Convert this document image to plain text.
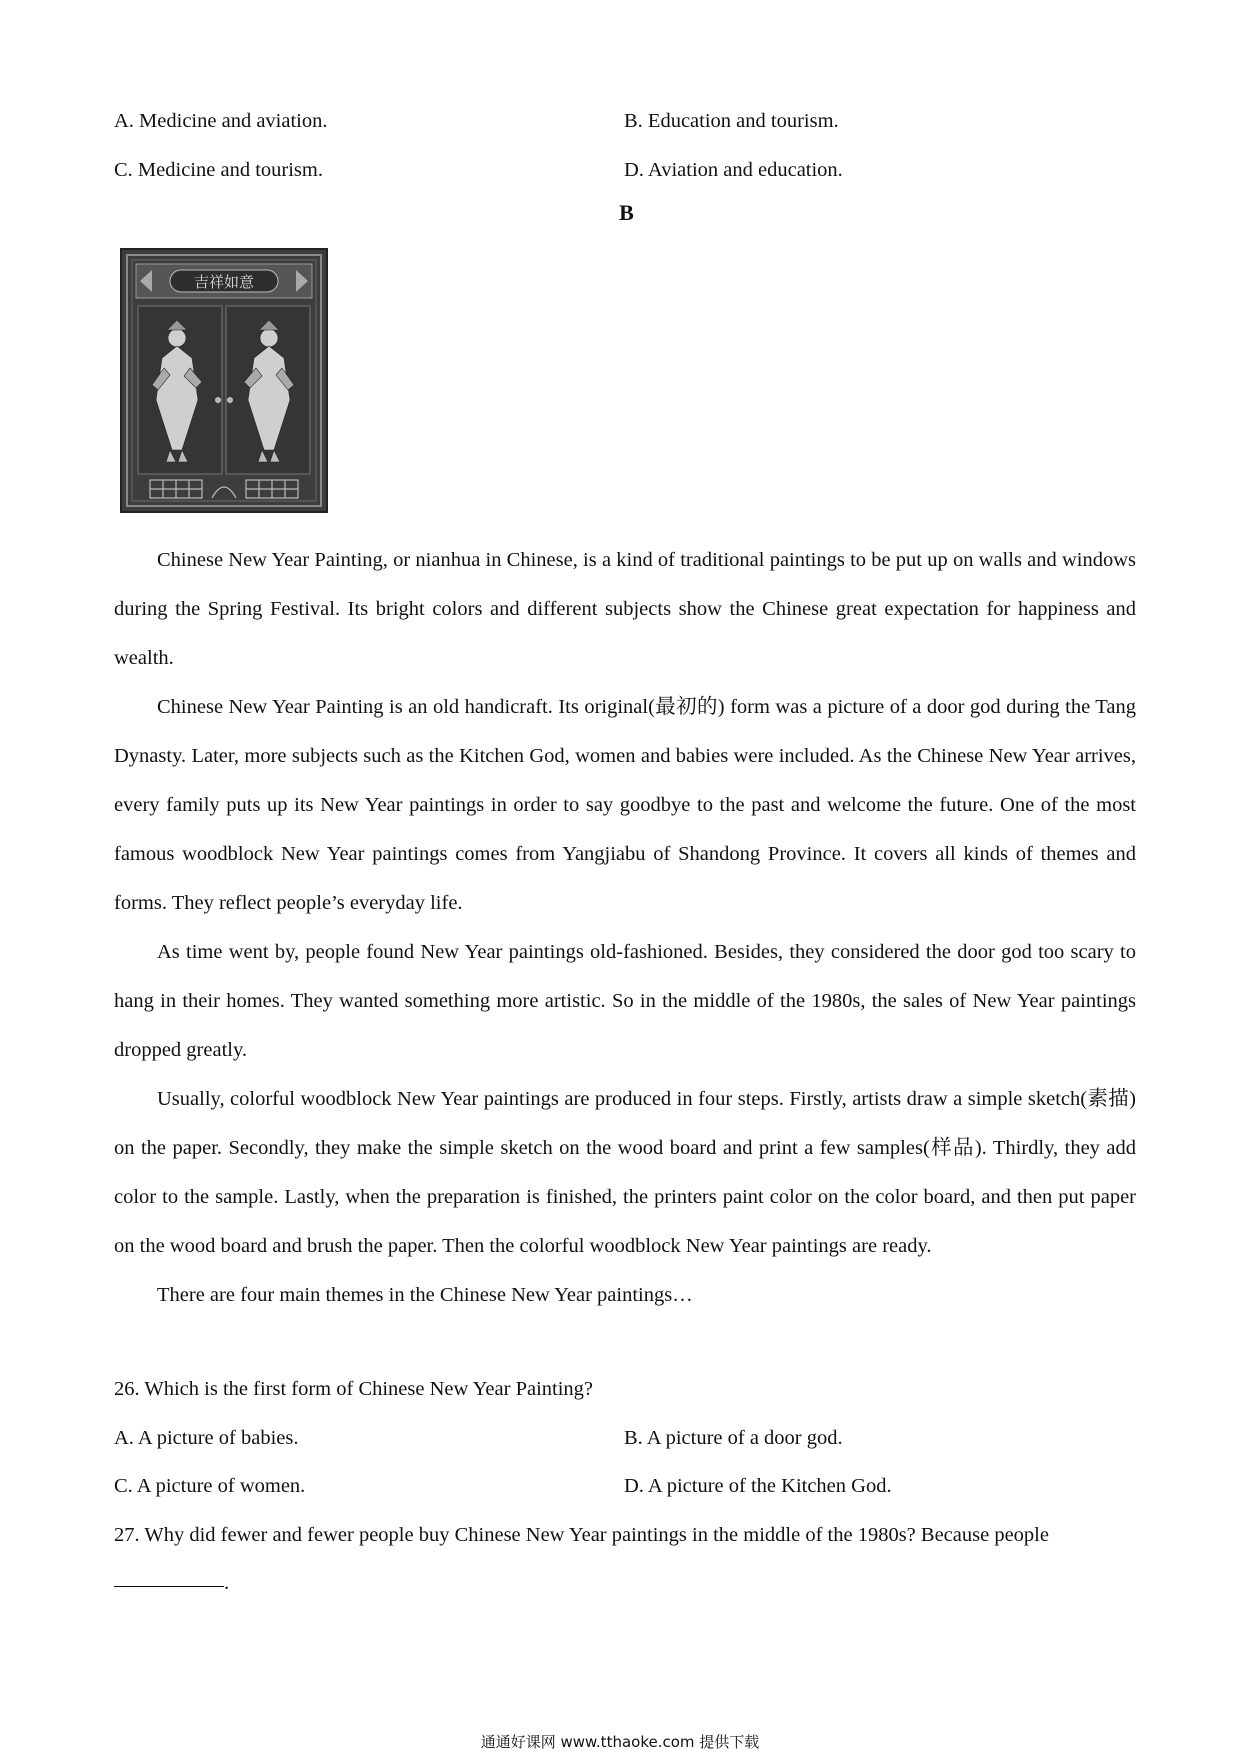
A. Medicine and aviation.	B. Education and tourism.
C. Medicine and tourism.	D. Aviation and education.
B
吉祥如意

Chinese New Year Painting, or nianhua in Chinese, is a kind of traditional paintings to be put up on walls and windows during the Spring Festival. Its bright colors and different subjects show the Chinese great expectation for happiness and wealth.

Chinese New Year Painting is an old handicraft. Its original(最初的) form was a picture of a door god during the Tang Dynasty. Later, more subjects such as the Kitchen God, women and babies were included. As the Chinese New Year arrives, every family puts up its New Year paintings in order to say goodbye to the past and welcome the future. One of the most famous woodblock New Year paintings comes from Yangjiabu of Shandong Province. It covers all kinds of themes and forms. They reflect people’s everyday life.

As time went by, people found New Year paintings old-fashioned. Besides, they considered the door god too scary to hang in their homes. They wanted something more artistic. So in the middle of the 1980s, the sales of New Year paintings dropped greatly.

Usually, colorful woodblock New Year paintings are produced in four steps. Firstly, artists draw a simple sketch(素描) on the paper. Secondly, they make the simple sketch on the wood board and print a few samples(样品). Thirdly, they add color to the sample. Lastly, when the preparation is finished, the printers paint color on the color board, and then put paper on the wood board and brush the paper. Then the colorful woodblock New Year paintings are ready.

There are four main themes in the Chinese New Year paintings…

26. Which is the first form of Chinese New Year Painting?
A. A picture of babies.	B. A picture of a door god.
C. A picture of women.	D. A picture of the Kitchen God.
27. Why did fewer and fewer people buy Chinese New Year paintings in the middle of the 1980s? Because people
.
通通好课网 www.tthaoke.com 提供下载
